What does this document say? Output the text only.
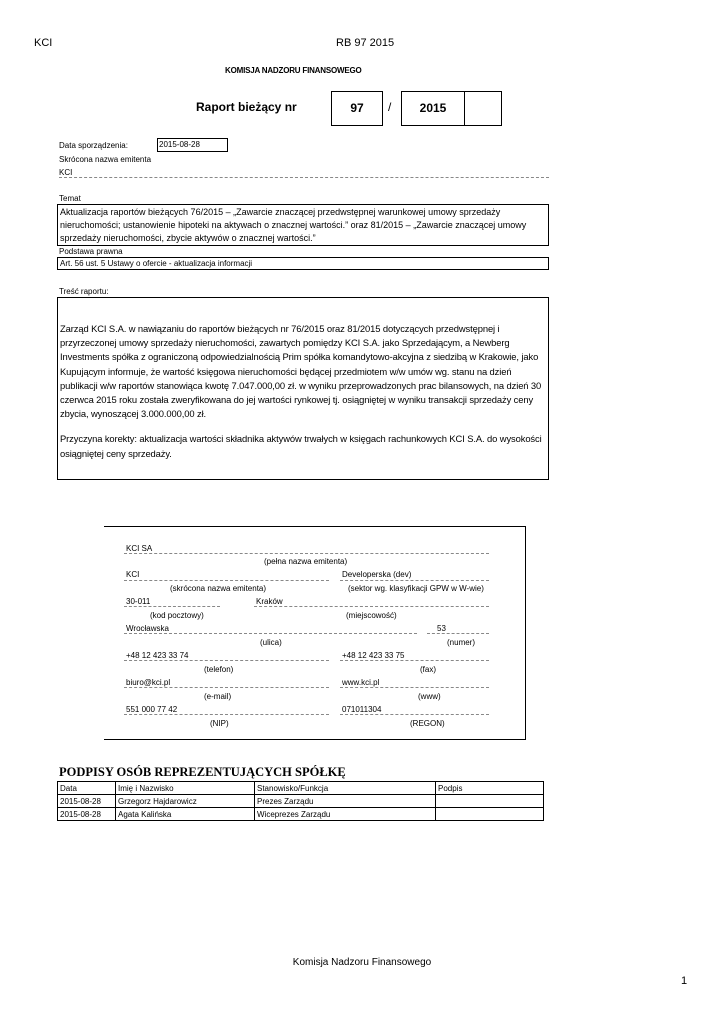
KCI	RB 97 2015
KOMISJA NADZORU FINANSOWEGO
Raport bieżący nr	97	/	2015
Data sporządzenia:	2015-08-28
Skrócona nazwa emitenta
KCI
Temat
Aktualizacja raportów bieżących 76/2015 – „Zawarcie znaczącej przedwstępnej warunkowej umowy sprzedaży nieruchomości; ustanowienie hipoteki na aktywach o znacznej wartości.” oraz 81/2015 – „Zawarcie znaczącej umowy sprzedaży nieruchomości, zbycie aktywów o znacznej wartości.”
Podstawa prawna
Art. 56 ust. 5 Ustawy o ofercie - aktualizacja informacji
Treść raportu:
Zarząd KCI S.A. w nawiązaniu do raportów bieżących nr 76/2015 oraz 81/2015 dotyczących przedwstępnej i przyrzeczonej umowy sprzedaży nieruchomości, zawartych pomiędzy KCI S.A. jako Sprzedającym, a Newberg Investments spółka z ograniczoną odpowiedzialnością Prim spółka komandytowo-akcyjna z siedzibą w Krakowie, jako Kupującym informuje, że wartość księgowa nieruchomości będącej przedmiotem w/w umów wg. stanu na dzień publikacji w/w raportów stanowiąca kwotę 7.047.000,00 zł. w wyniku przeprowadzonych prac bilansowych, na dzień 30 czerwca 2015 roku została zweryfikowana do jej wartości rynkowej tj. osiągniętej w wyniku transakcji sprzedaży ceny zbycia, wynoszącej 3.000.000,00 zł.
Przyczyna korekty: aktualizacja wartości składnika aktywów trwałych w księgach rachunkowych KCI S.A. do wysokości osiągniętej ceny sprzedaży.
KCI SA
(pełna nazwa emitenta)
KCI
(skrócona nazwa emitenta)
Developerska (dev)
(sektor wg. klasyfikacji GPW w W-wie)
30-011	Kraków
(kod pocztowy)	(miejscowość)
Wrocławska	53
(ulica)	(numer)
+48 12 423 33 74	+48 12 423 33 75
(telefon)	(fax)
biuro@kci.pl	www.kci.pl
(e-mail)	(www)
551 000 77 42	071011304
(NIP)	(REGON)
PODPISY OSÓB REPREZENTUJĄCYCH SPÓŁKĘ
Data	Imię i Nazwisko	Stanowisko/Funkcja	Podpis
2015-08-28	Grzegorz Hajdarowicz	Prezes Zarządu	
2015-08-28	Agata Kalińska	Wiceprezes Zarządu	
Komisja Nadzoru Finansowego
1
